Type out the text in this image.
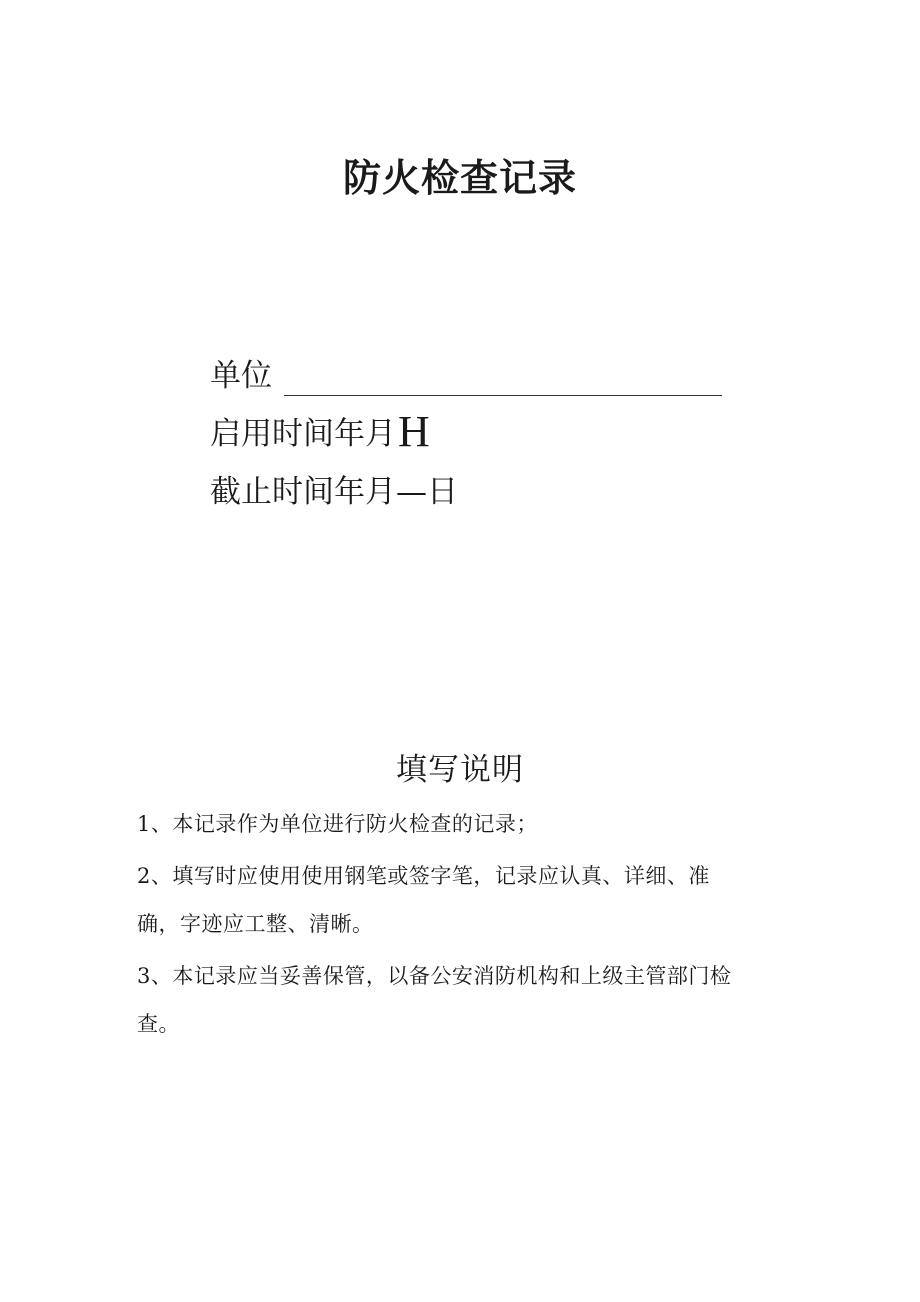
防火检查记录
单位
启用时间年月 H
截止时间年月—日
填写说明

1、本记录作为单位进行防火检查的记录；

2、填写时应使用使用钢笔或签字笔，记录应认真、详细、准

确，字迹应工整、清晰。

3、本记录应当妥善保管，以备公安消防机构和上级主管部门检

查。
